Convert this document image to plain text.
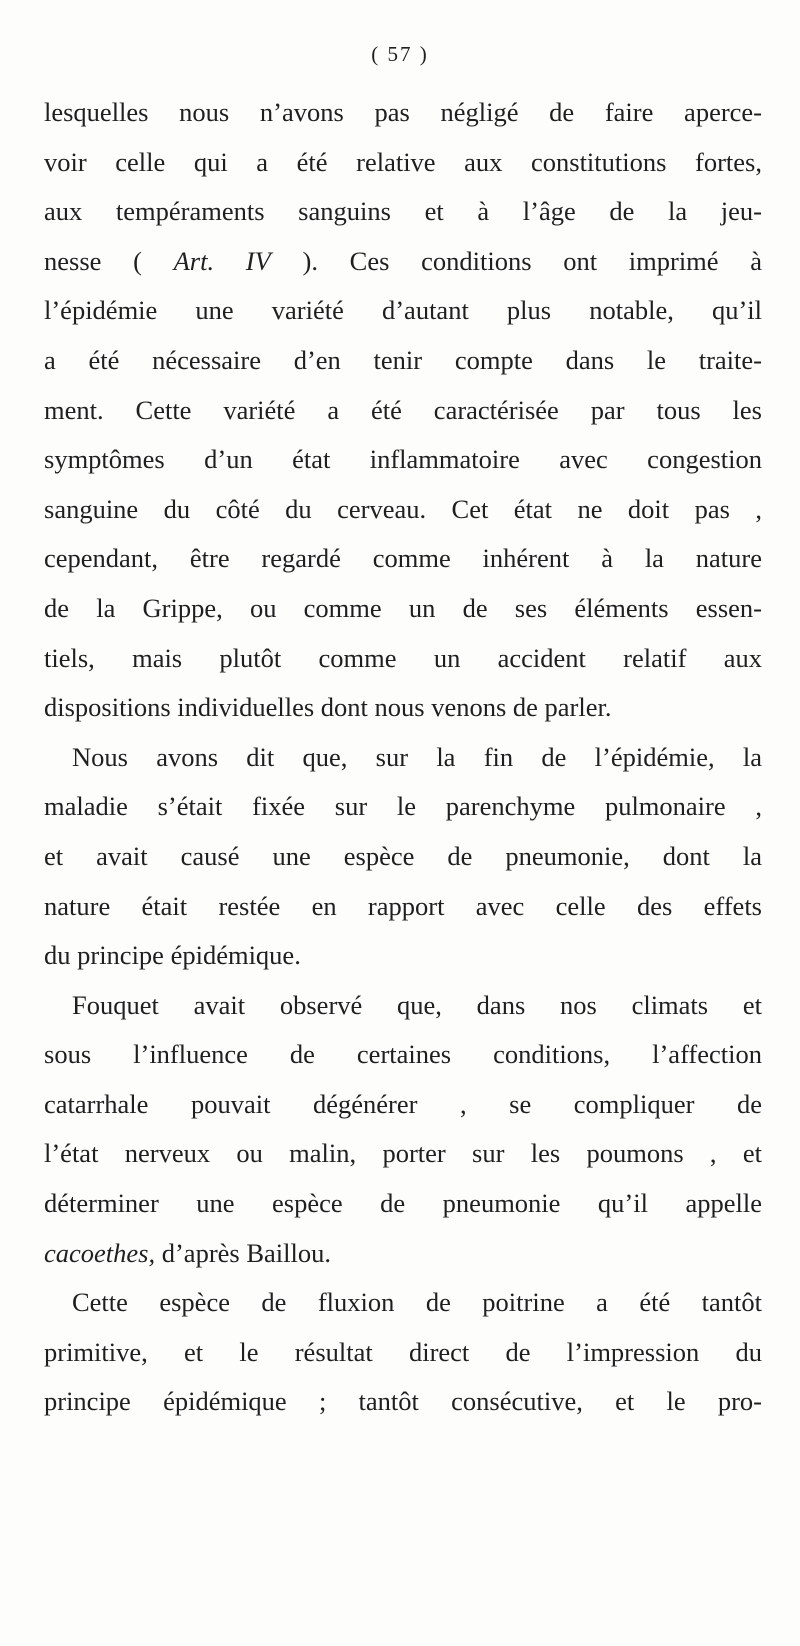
( 57 )
lesquelles nous n’avons pas négligé de faire aperce-
voir celle qui a été relative aux constitutions fortes,
aux tempéraments sanguins et à l’âge de la jeu-
nesse ( Art. IV ). Ces conditions ont imprimé à
l’épidémie une variété d’autant plus notable, qu’il
a été nécessaire d’en tenir compte dans le traite-
ment. Cette variété a été caractérisée par tous les
symptômes d’un état inflammatoire avec congestion
sanguine du côté du cerveau. Cet état ne doit pas ,
cependant, être regardé comme inhérent à la nature
de la Grippe, ou comme un de ses éléments essen-
tiels, mais plutôt comme un accident relatif aux
dispositions individuelles dont nous venons de parler.
Nous avons dit que, sur la fin de l’épidémie, la
maladie s’était fixée sur le parenchyme pulmonaire ,
et avait causé une espèce de pneumonie, dont la
nature était restée en rapport avec celle des effets
du principe épidémique.
Fouquet avait observé que, dans nos climats et
sous l’influence de certaines conditions, l’affection
catarrhale pouvait dégénérer , se compliquer de
l’état nerveux ou malin, porter sur les poumons , et
déterminer une espèce de pneumonie qu’il appelle
cacoethes, d’après Baillou.
Cette espèce de fluxion de poitrine a été tantôt
primitive, et le résultat direct de l’impression du
principe épidémique ; tantôt consécutive, et le pro-
